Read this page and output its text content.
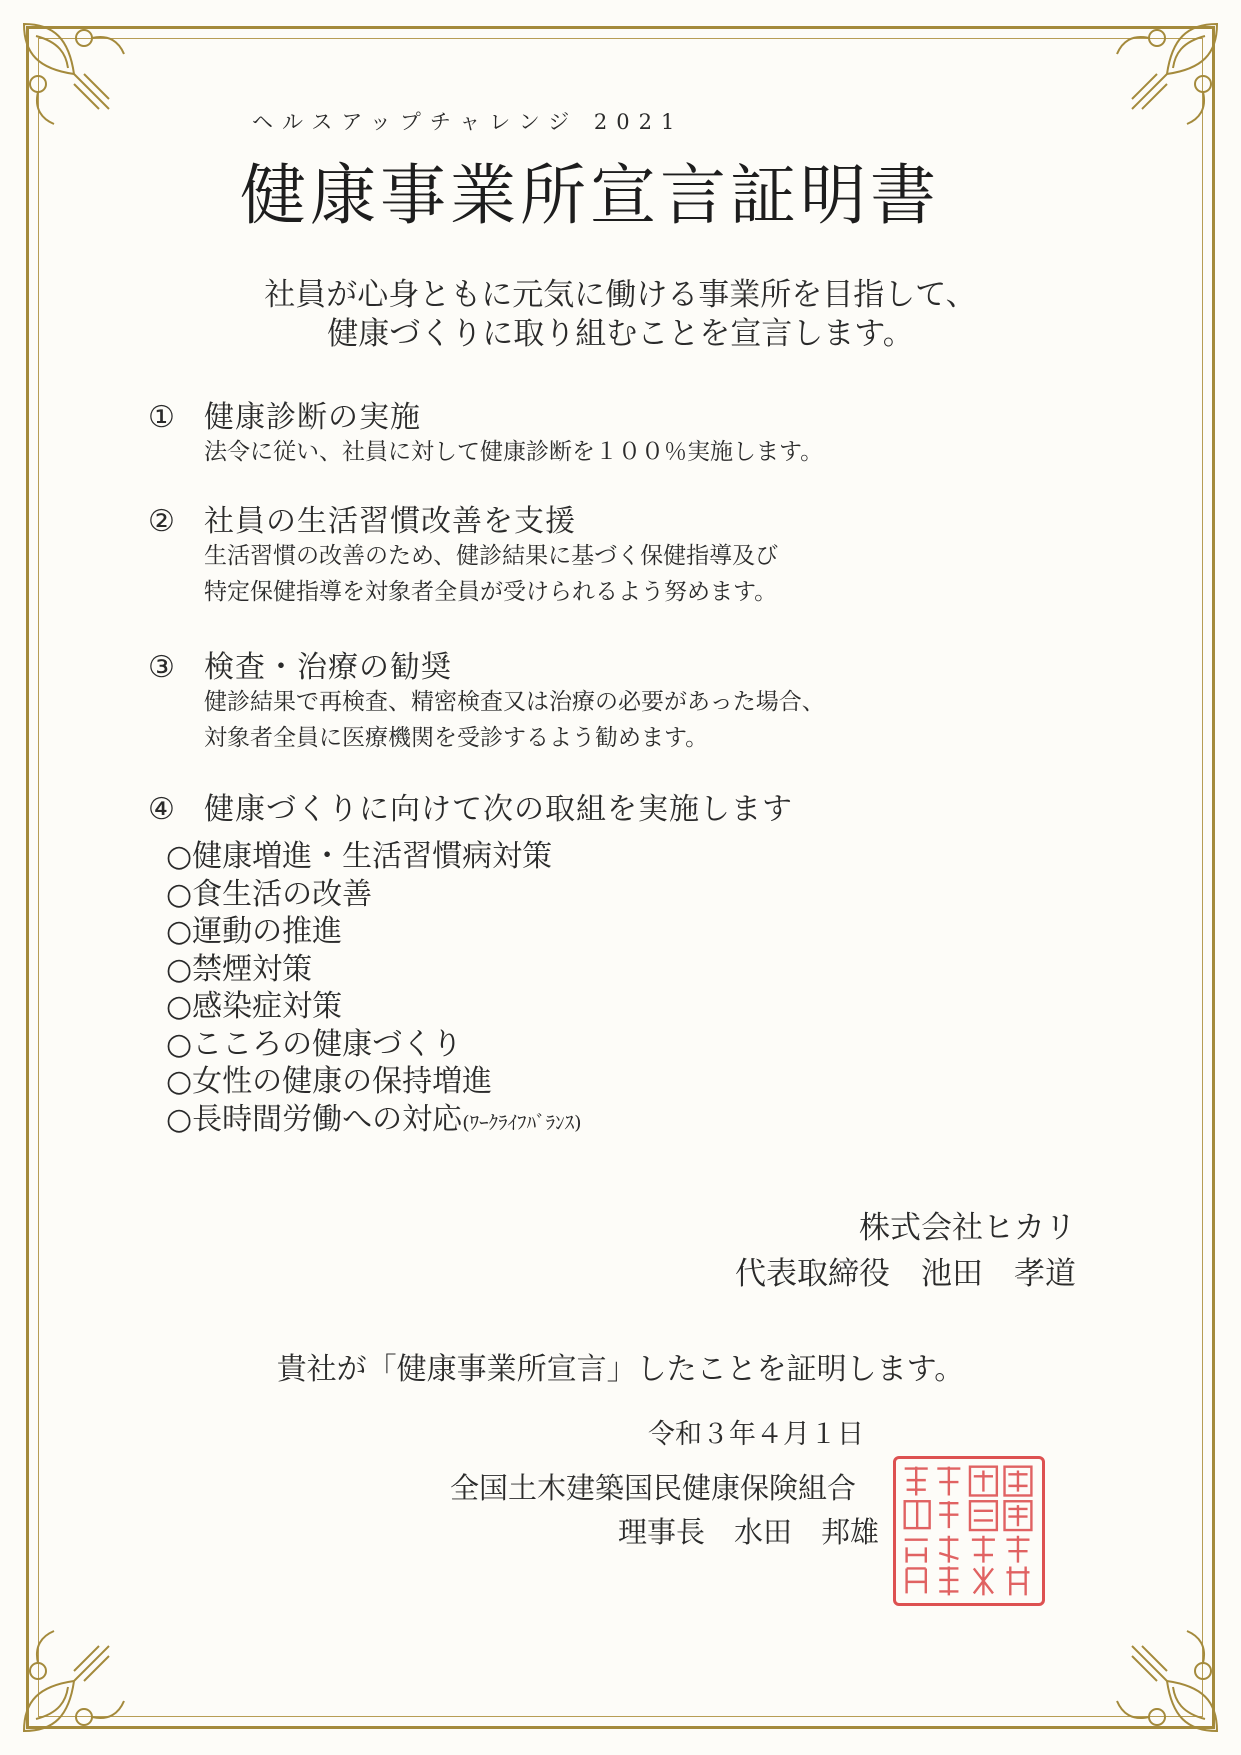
ヘルスアップチャレンジ 2021
健康事業所宣言証明書
社員が心身ともに元気に働ける事業所を目指して、
健康づくりに取り組むことを宣言します。
① 健康診断の実施
法令に従い、社員に対して健康診断を１００％実施します。
② 社員の生活習慣改善を支援
生活習慣の改善のため、健診結果に基づく保健指導及び
特定保健指導を対象者全員が受けられるよう努めます。
③ 検査・治療の勧奨
健診結果で再検査、精密検査又は治療の必要があった場合、
対象者全員に医療機関を受診するよう勧めます。
④ 健康づくりに向けて次の取組を実施します
○健康増進・生活習慣病対策
○食生活の改善
○運動の推進
○禁煙対策
○感染症対策
○こころの健康づくり
○女性の健康の保持増進
○長時間労働への対応(ﾜｰｸﾗｲﾌﾊﾞﾗﾝｽ)
株式会社ヒカリ
代表取締役　池田　孝道
貴社が「健康事業所宣言」したことを証明します。
令和３年４月１日
全国土木建築国民健康保険組合
理事長　水田　邦雄
